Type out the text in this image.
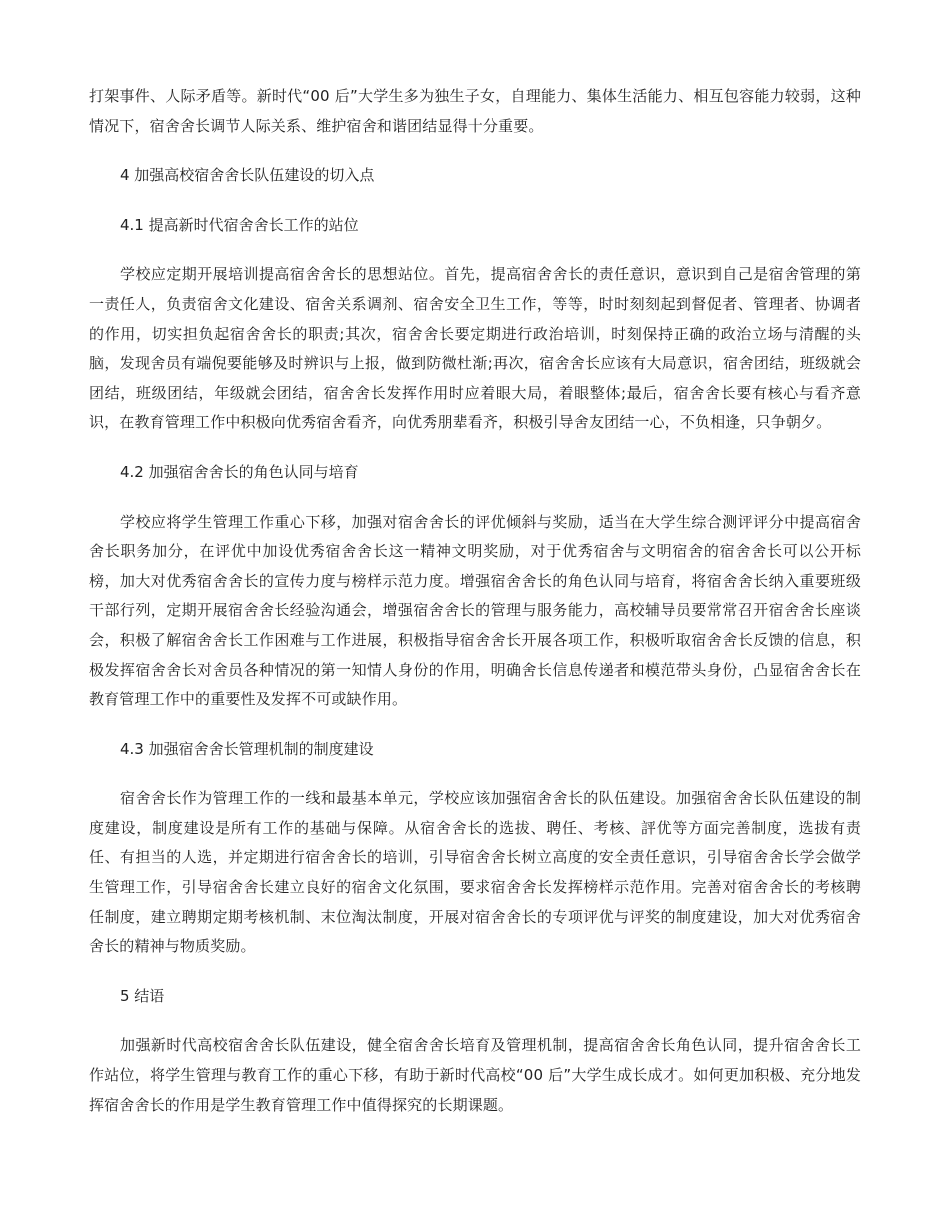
打架事件、人际矛盾等。新时代“00 后”大学生多为独生子女，自理能力、集体生活能力、相互包容能力较弱，这种情况下，宿舍舍长调节人际关系、维护宿舍和谐团结显得十分重要。

4 加强高校宿舍舍长队伍建设的切入点
4.1 提高新时代宿舍舍长工作的站位

学校应定期开展培训提高宿舍舍长的思想站位。首先，提高宿舍舍长的责任意识，意识到自己是宿舍管理的第一责任人，负责宿舍文化建设、宿舍关系调剂、宿舍安全卫生工作，等等，时时刻刻起到督促者、管理者、协调者的作用，切实担负起宿舍舍长的职责;其次，宿舍舍长要定期进行政治培训，时刻保持正确的政治立场与清醒的头脑，发现舍员有端倪要能够及时辨识与上报，做到防微杜渐;再次，宿舍舍长应该有大局意识，宿舍团结，班级就会团结，班级团结，年级就会团结，宿舍舍长发挥作用时应着眼大局，着眼整体;最后，宿舍舍长要有核心与看齐意识，在教育管理工作中积极向优秀宿舍看齐，向优秀朋辈看齐，积极引导舍友团结一心，不负相逢，只争朝夕。

4.2 加强宿舍舍长的角色认同与培育

学校应将学生管理工作重心下移，加强对宿舍舍长的评优倾斜与奖励，适当在大学生综合测评评分中提高宿舍舍长职务加分，在评优中加设优秀宿舍舍长这一精神文明奖励，对于优秀宿舍与文明宿舍的宿舍舍长可以公开标榜，加大对优秀宿舍舍长的宣传力度与榜样示范力度。增强宿舍舍长的角色认同与培育，将宿舍舍长纳入重要班级干部行列，定期开展宿舍舍长经验沟通会，增强宿舍舍长的管理与服务能力，高校辅导员要常常召开宿舍舍长座谈会，积极了解宿舍舍长工作困难与工作进展，积极指导宿舍舍长开展各项工作，积极听取宿舍舍长反馈的信息，积极发挥宿舍舍长对舍员各种情况的第一知情人身份的作用，明确舍长信息传递者和模范带头身份，凸显宿舍舍长在教育管理工作中的重要性及发挥不可或缺作用。

4.3 加强宿舍舍长管理机制的制度建设

宿舍舍长作为管理工作的一线和最基本单元，学校应该加强宿舍舍长的队伍建设。加强宿舍舍长队伍建设的制度建设，制度建设是所有工作的基础与保障。从宿舍舍长的选拔、聘任、考核、評优等方面完善制度，选拔有责任、有担当的人选，并定期进行宿舍舍长的培训，引导宿舍舍长树立高度的安全责任意识，引导宿舍舍长学会做学生管理工作，引导宿舍舍长建立良好的宿舍文化氛围，要求宿舍舍长发挥榜样示范作用。完善对宿舍舍长的考核聘任制度，建立聘期定期考核机制、末位淘汰制度，开展对宿舍舍长的专项评优与评奖的制度建设，加大对优秀宿舍舍长的精神与物质奖励。

5 结语

加强新时代高校宿舍舍长队伍建设，健全宿舍舍长培育及管理机制，提高宿舍舍长角色认同，提升宿舍舍长工作站位，将学生管理与教育工作的重心下移，有助于新时代高校“00 后”大学生成长成才。如何更加积极、充分地发挥宿舍舍长的作用是学生教育管理工作中值得探究的长期课题。
